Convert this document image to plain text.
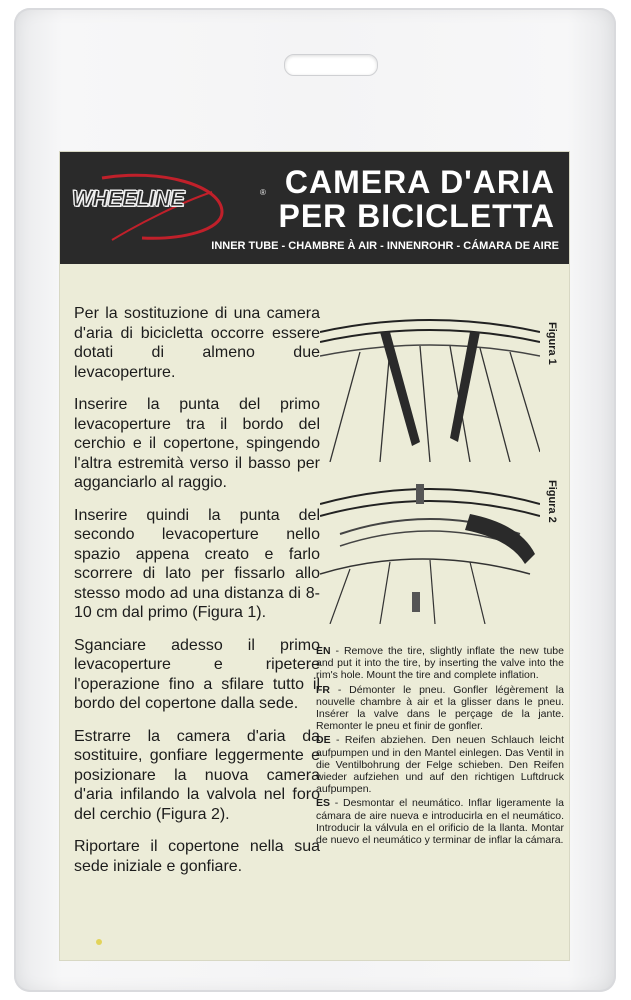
WHEELINE	® CAMERA D'ARIA
PER BICICLETTA
INNER TUBE - CHAMBRE À AIR - INNENROHR - CÁMARA DE AIRE

Per la sostituzione di una camera d'aria di bicicletta occorre essere dotati di almeno due levacoperture.

Inserire la punta del primo levacoperture tra il bordo del cerchio e il copertone, spingendo l'altra estremità verso il basso per agganciarlo al raggio.

Inserire quindi la punta del secondo levacoperture nello spazio appena creato e farlo scorrere di lato per fissarlo allo stesso modo ad una distanza di 8-10 cm dal primo (Figura 1).

Sganciare adesso il primo levacoperture e ripetere l'operazione fino a sfilare tutto il bordo del copertone dalla sede.

Estrarre la camera d'aria da sostituire, gonfiare leggermente e posizionare la nuova camera d'aria infilando la valvola nel foro del cerchio (Figura 2).

Riportare il copertone nella sua sede iniziale e gonfiare.

Figura 1
Figura 2

EN - Remove the tire, slightly inflate the new tube and put it into the tire, by inserting the valve into the rim's hole. Mount the tire and complete inflation.

FR - Démonter le pneu. Gonfler légèrement la nouvelle chambre à air et la glisser dans le pneu. Insérer la valve dans le perçage de la jante. Remonter le pneu et finir de gonfler.

DE - Reifen abziehen. Den neuen Schlauch leicht aufpumpen und in den Mantel einlegen. Das Ventil in die Ventilbohrung der Felge schieben. Den Reifen wieder aufziehen und auf den richtigen Luftdruck aufpumpen.

ES - Desmontar el neumático. Inflar ligeramente la cámara de aire nueva e introducirla en el neumático. Introducir la válvula en el orificio de la llanta. Montar de nuevo el neumático y terminar de inflar la cámara.
